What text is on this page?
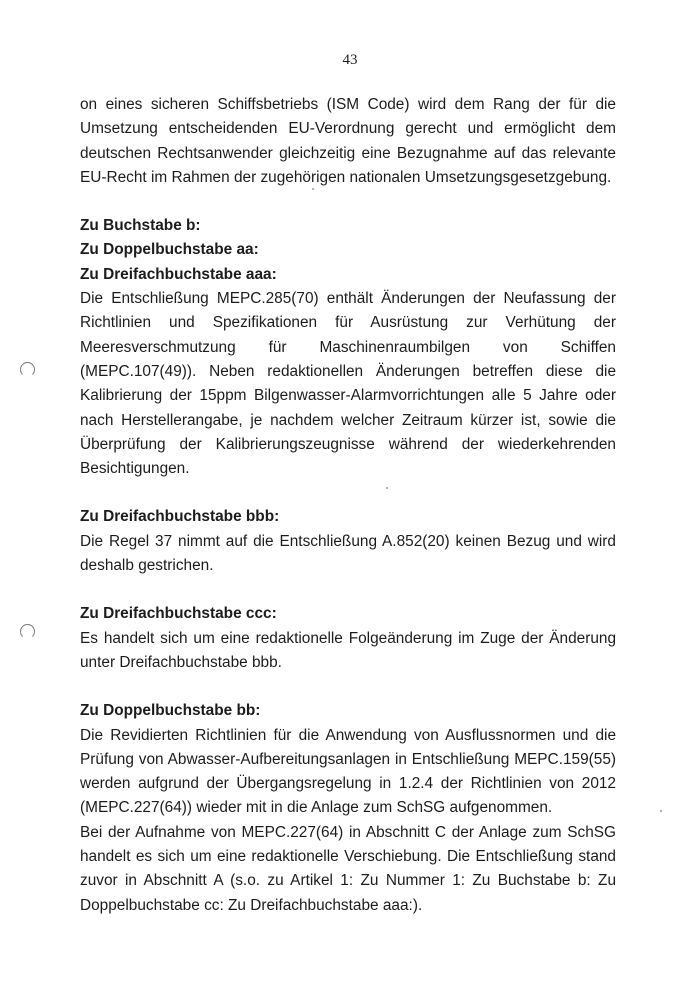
43

on eines sicheren Schiffsbetriebs (ISM Code) wird dem Rang der für die Umsetzung entscheidenden EU-Verordnung gerecht und ermöglicht dem deutschen Rechtsanwender gleichzeitig eine Bezugnahme auf das relevante EU-Recht im Rahmen der zugehörigen nationalen Umsetzungsgesetzgebung.

Zu Buchstabe b:
Zu Doppelbuchstabe aa:
Zu Dreifachbuchstabe aaa:

Die Entschließung MEPC.285(70) enthält Änderungen der Neufassung der Richtlinien und Spezifikationen für Ausrüstung zur Verhütung der Meeresverschmutzung für Maschinenraumbilgen von Schiffen (MEPC.107(49)). Neben redaktionellen Änderungen betreffen diese die Kalibrierung der 15ppm Bilgenwasser-Alarmvorrichtungen alle 5 Jahre oder nach Herstellerangabe, je nachdem welcher Zeitraum kürzer ist, sowie die Überprüfung der Kalibrierungszeugnisse während der wiederkehrenden Besichtigungen.

Zu Dreifachbuchstabe bbb:

Die Regel 37 nimmt auf die Entschließung A.852(20) keinen Bezug und wird deshalb gestrichen.

Zu Dreifachbuchstabe ccc:

Es handelt sich um eine redaktionelle Folgeänderung im Zuge der Änderung unter Dreifachbuchstabe bbb.

Zu Doppelbuchstabe bb:

Die Revidierten Richtlinien für die Anwendung von Ausflussnormen und die Prüfung von Abwasser-Aufbereitungsanlagen in Entschließung MEPC.159(55) werden aufgrund der Übergangsregelung in 1.2.4 der Richtlinien von 2012 (MEPC.227(64)) wieder mit in die Anlage zum SchSG aufgenommen.

Bei der Aufnahme von MEPC.227(64) in Abschnitt C der Anlage zum SchSG handelt es sich um eine redaktionelle Verschiebung. Die Entschließung stand zuvor in Abschnitt A (s.o. zu Artikel 1: Zu Nummer 1: Zu Buchstabe b: Zu Doppelbuchstabe cc: Zu Dreifachbuchstabe aaa:).
